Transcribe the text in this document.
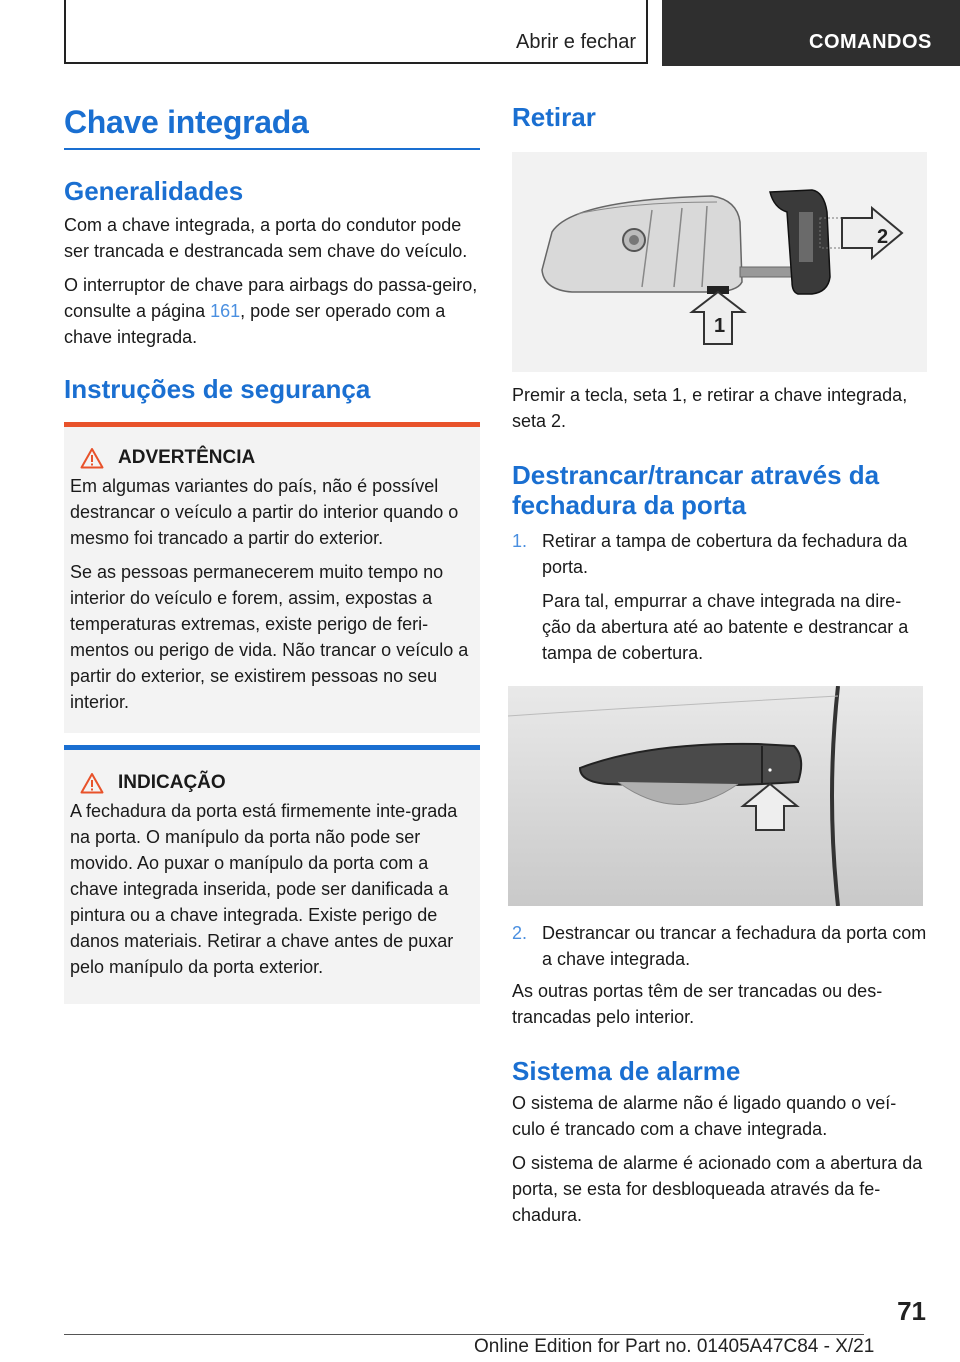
Abrir e fechar	COMANDOS
Chave integrada
Generalidades

Com a chave integrada, a porta do condutor pode ser trancada e destrancada sem chave do veículo.

O interruptor de chave para airbags do passa-geiro, consulte a página 161, pode ser operado com a chave integrada.

Instruções de segurança
ADVERTÊNCIA

Em algumas variantes do país, não é possível destrancar o veículo a partir do interior quando o mesmo foi trancado a partir do exterior.

Se as pessoas permanecerem muito tempo no interior do veículo e forem, assim, expostas a temperaturas extremas, existe perigo de feri-mentos ou perigo de vida. Não trancar o veículo a partir do exterior, se existirem pessoas no seu interior.

INDICAÇÃO

A fechadura da porta está firmemente inte-grada na porta. O manípulo da porta não pode ser movido. Ao puxar o manípulo da porta com a chave integrada inserida, pode ser danificada a pintura ou a chave integrada. Existe perigo de danos materiais. Retirar a chave antes de puxar pelo manípulo da porta exterior.

Retirar
2
1

Premir a tecla, seta 1, e retirar a chave integrada, seta 2.

Destrancar/trancar através da fechadura da porta
1. Retirar a tampa de cobertura da fechadura da porta.

Para tal, empurrar a chave integrada na dire-ção da abertura até ao batente e destrancar a tampa de cobertura.

2. Destrancar ou trancar a fechadura da porta com a chave integrada.

As outras portas têm de ser trancadas ou des-trancadas pelo interior.

Sistema de alarme

O sistema de alarme não é ligado quando o veí-culo é trancado com a chave integrada.

O sistema de alarme é acionado com a abertura da porta, se esta for desbloqueada através da fe-chadura.

71
Online Edition for Part no. 01405A47C84 - X/21
